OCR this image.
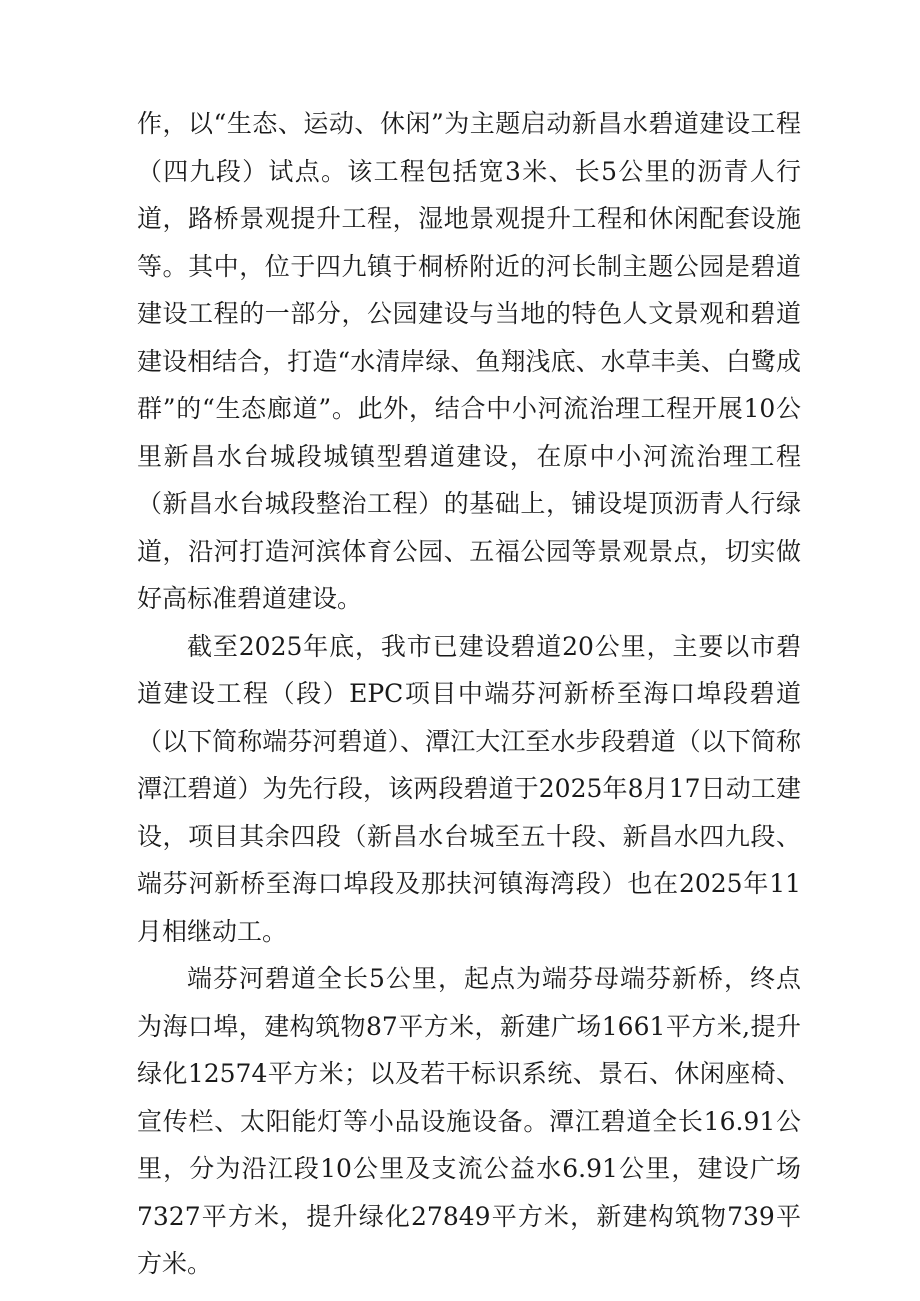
作，以“生态、运动、休闲”为主题启动新昌水碧道建设工程（四九段）试点。该工程包括宽3米、长5公里的沥青人行道，路桥景观提升工程，湿地景观提升工程和休闲配套设施等。其中，位于四九镇于桐桥附近的河长制主题公园是碧道建设工程的一部分，公园建设与当地的特色人文景观和碧道建设相结合，打造“水清岸绿、鱼翔浅底、水草丰美、白鹭成群”的“生态廊道”。此外，结合中小河流治理工程开展10公里新昌水台城段城镇型碧道建设，在原中小河流治理工程（新昌水台城段整治工程）的基础上，铺设堤顶沥青人行绿道，沿河打造河滨体育公园、五福公园等景观景点，切实做好高标准碧道建设。

截至2025年底，我市已建设碧道20公里，主要以市碧道建设工程（段）EPC项目中端芬河新桥至海口埠段碧道（以下简称端芬河碧道）、潭江大江至水步段碧道（以下简称潭江碧道）为先行段，该两段碧道于2025年8月17日动工建设，项目其余四段（新昌水台城至五十段、新昌水四九段、端芬河新桥至海口埠段及那扶河镇海湾段）也在2025年11月相继动工。

端芬河碧道全长5公里，起点为端芬母端芬新桥，终点为海口埠，建构筑物87平方米，新建广场1661平方米,提升绿化12574平方米；以及若干标识系统、景石、休闲座椅、宣传栏、太阳能灯等小品设施设备。潭江碧道全长16.91公里，分为沿江段10公里及支流公益水6.91公里，建设广场7327平方米，提升绿化27849平方米，新建构筑物739平方米。
